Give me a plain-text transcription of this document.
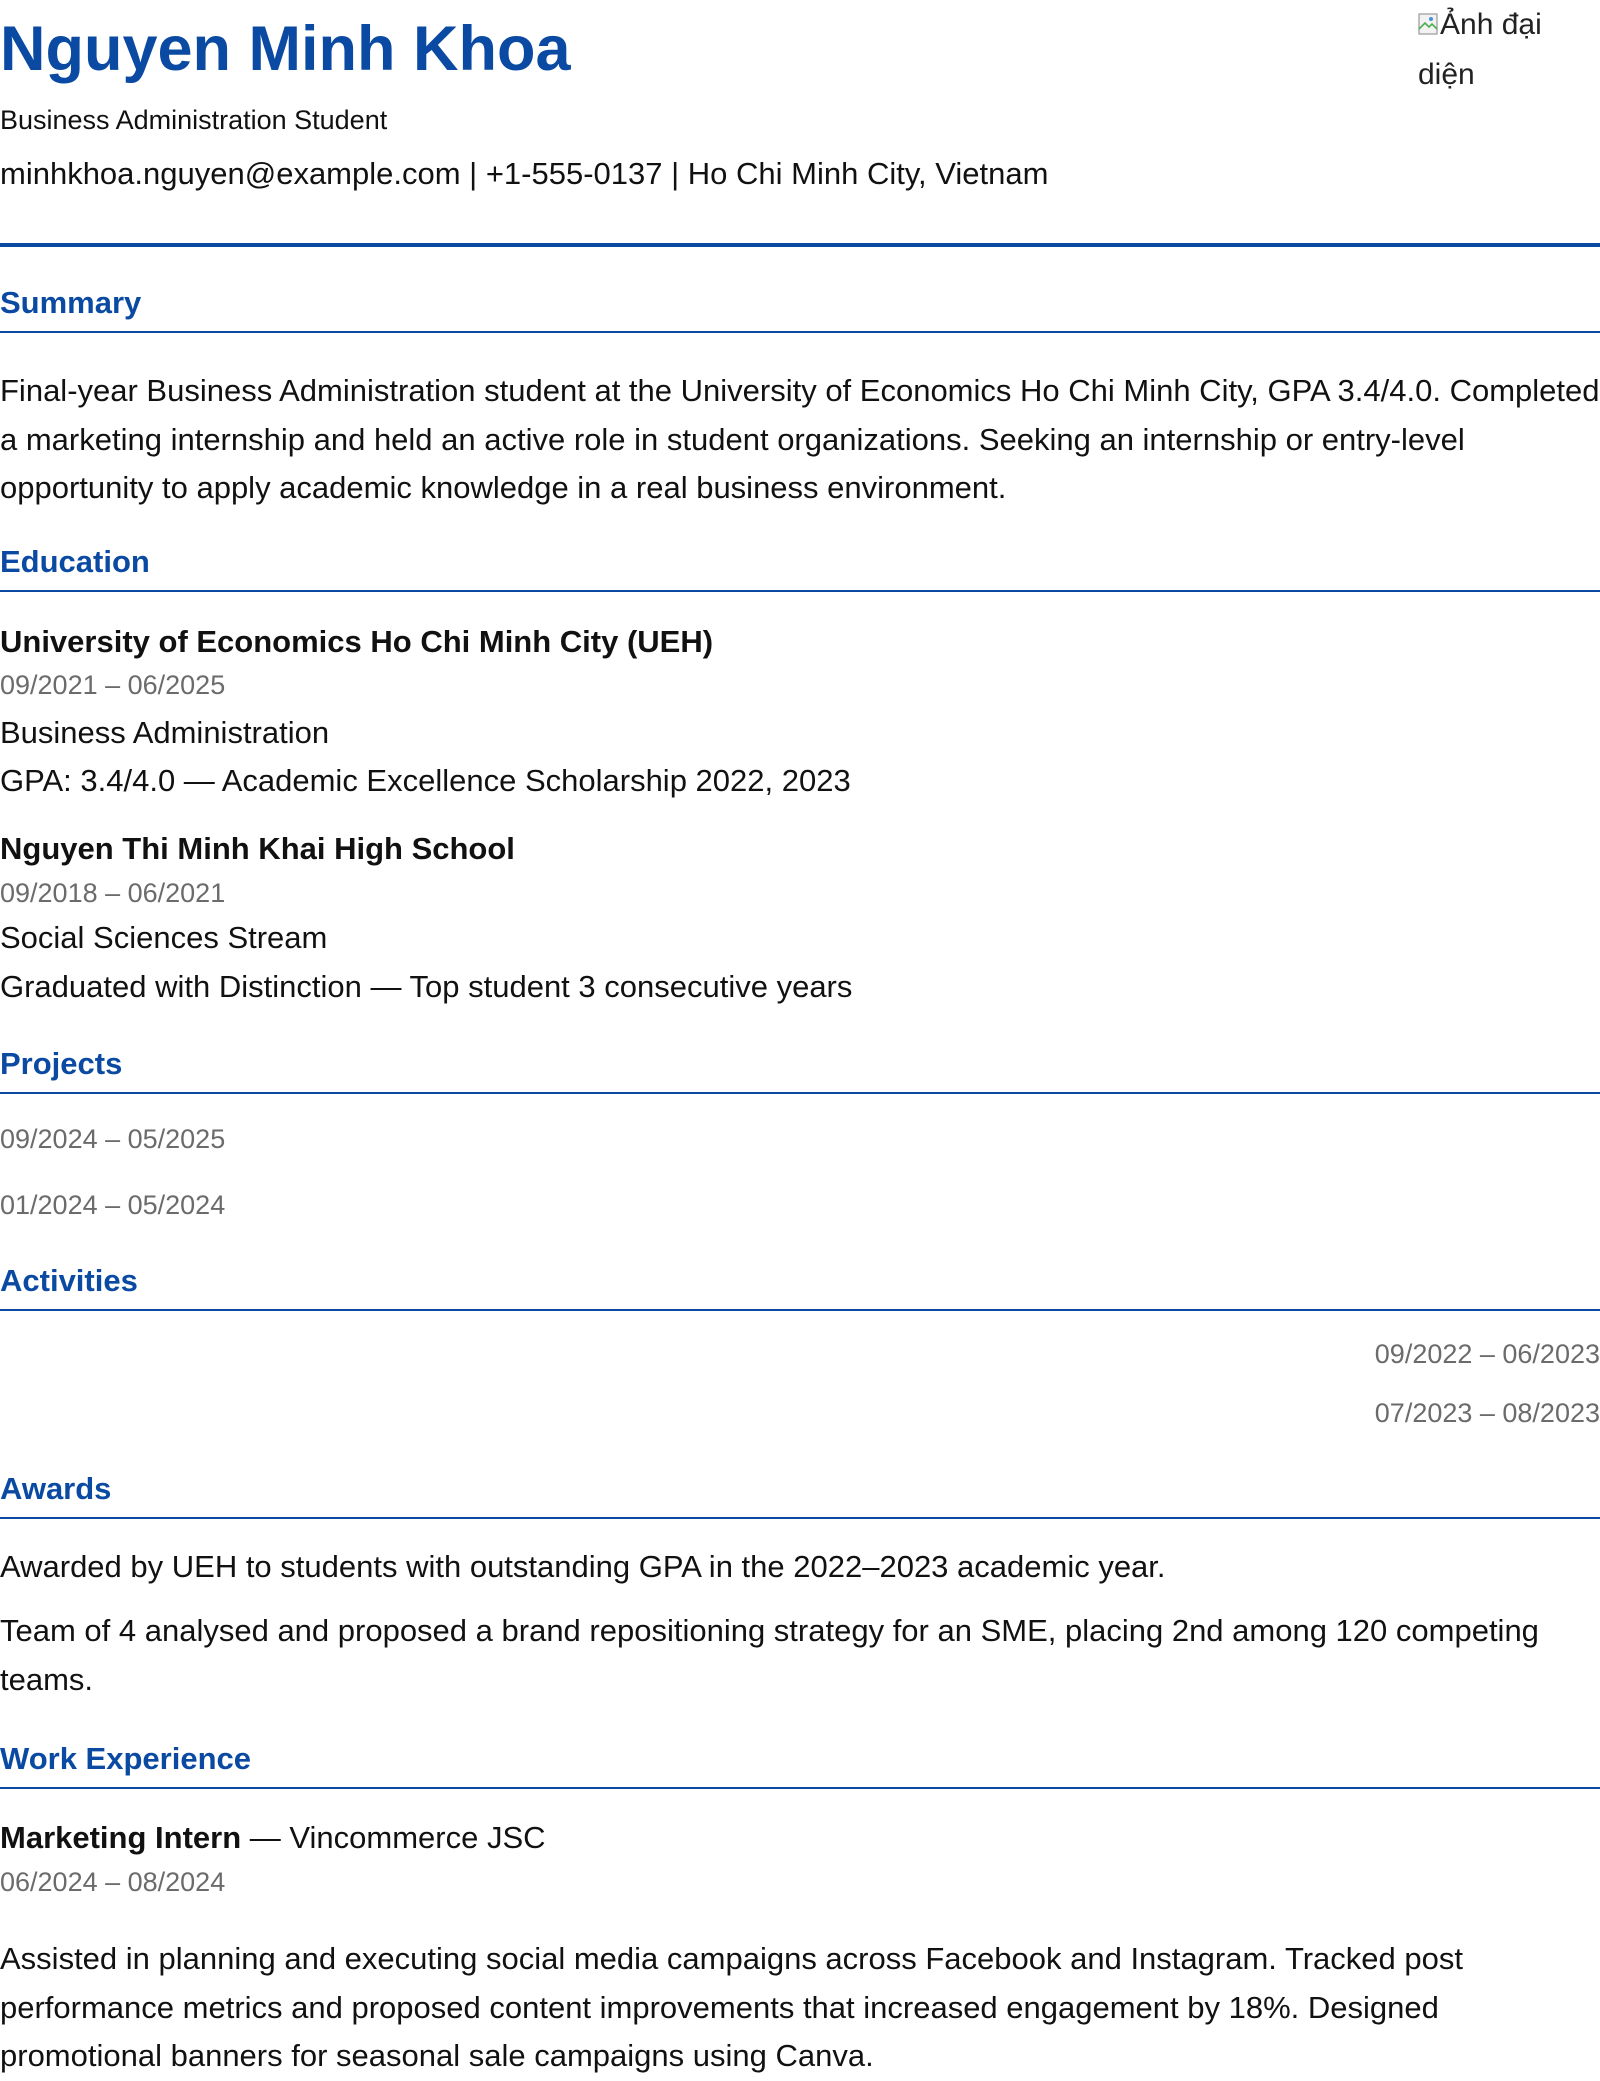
Nguyen Minh Khoa
Business Administration Student
minhkhoa.nguyen@example.com | +1-555-0137 | Ho Chi Minh City, Vietnam
Ảnh đại diện
Summary
Final-year Business Administration student at the University of Economics Ho Chi Minh City, GPA 3.4/4.0. Completed a marketing internship and held an active role in student organizations. Seeking an internship or entry-level opportunity to apply academic knowledge in a real business environment.
Education
University of Economics Ho Chi Minh City (UEH)
09/2021 – 06/2025
Business Administration
GPA: 3.4/4.0 — Academic Excellence Scholarship 2022, 2023
Nguyen Thi Minh Khai High School
09/2018 – 06/2021
Social Sciences Stream
Graduated with Distinction — Top student 3 consecutive years
Projects
09/2024 – 05/2025
01/2024 – 05/2024
Activities
09/2022 – 06/2023
07/2023 – 08/2023
Awards
Awarded by UEH to students with outstanding GPA in the 2022–2023 academic year.
Team of 4 analysed and proposed a brand repositioning strategy for an SME, placing 2nd among 120 competing teams.
Work Experience
Marketing Intern — Vincommerce JSC
06/2024 – 08/2024
Assisted in planning and executing social media campaigns across Facebook and Instagram. Tracked post performance metrics and proposed content improvements that increased engagement by 18%. Designed promotional banners for seasonal sale campaigns using Canva.
